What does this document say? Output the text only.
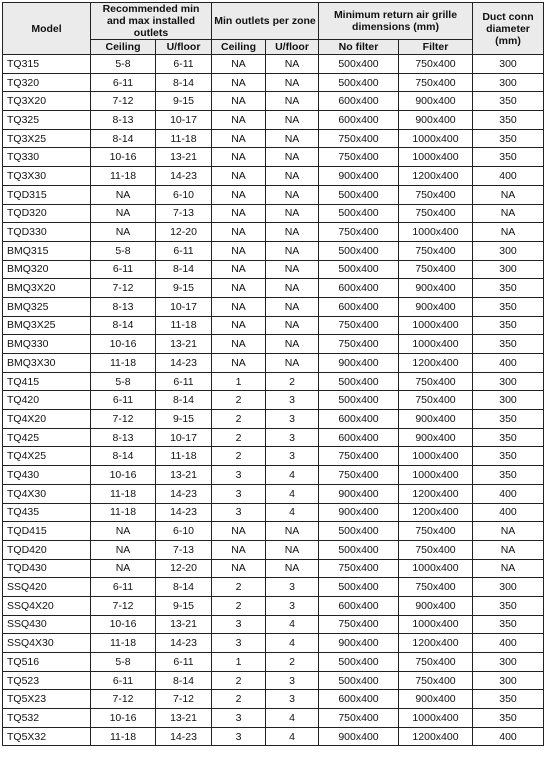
Model	Recommended min and max installed outlets		Min outlets per zone		Minimum return air grille dimensions (mm)		Duct conn diameter (mm)
	Ceiling	U/floor	Ceiling	U/floor	No filter	Filter	
TQ315	5-8	6-11	NA	NA	500x400	750x400	300
TQ320	6-11	8-14	NA	NA	500x400	750x400	300
TQ3X20	7-12	9-15	NA	NA	600x400	900x400	350
TQ325	8-13	10-17	NA	NA	600x400	900x400	350
TQ3X25	8-14	11-18	NA	NA	750x400	1000x400	350
TQ330	10-16	13-21	NA	NA	750x400	1000x400	350
TQ3X30	11-18	14-23	NA	NA	900x400	1200x400	400
TQD315	NA	6-10	NA	NA	500x400	750x400	NA
TQD320	NA	7-13	NA	NA	500x400	750x400	NA
TQD330	NA	12-20	NA	NA	750x400	1000x400	NA
BMQ315	5-8	6-11	NA	NA	500x400	750x400	300
BMQ320	6-11	8-14	NA	NA	500x400	750x400	300
BMQ3X20	7-12	9-15	NA	NA	600x400	900x400	350
BMQ325	8-13	10-17	NA	NA	600x400	900x400	350
BMQ3X25	8-14	11-18	NA	NA	750x400	1000x400	350
BMQ330	10-16	13-21	NA	NA	750x400	1000x400	350
BMQ3X30	11-18	14-23	NA	NA	900x400	1200x400	400
TQ415	5-8	6-11	1	2	500x400	750x400	300
TQ420	6-11	8-14	2	3	500x400	750x400	300
TQ4X20	7-12	9-15	2	3	600x400	900x400	350
TQ425	8-13	10-17	2	3	600x400	900x400	350
TQ4X25	8-14	11-18	2	3	750x400	1000x400	350
TQ430	10-16	13-21	3	4	750x400	1000x400	350
TQ4X30	11-18	14-23	3	4	900x400	1200x400	400
TQ435	11-18	14-23	3	4	900x400	1200x400	400
TQD415	NA	6-10	NA	NA	500x400	750x400	NA
TQD420	NA	7-13	NA	NA	500x400	750x400	NA
TQD430	NA	12-20	NA	NA	750x400	1000x400	NA
SSQ420	6-11	8-14	2	3	500x400	750x400	300
SSQ4X20	7-12	9-15	2	3	600x400	900x400	350
SSQ430	10-16	13-21	3	4	750x400	1000x400	350
SSQ4X30	11-18	14-23	3	4	900x400	1200x400	400
TQ516	5-8	6-11	1	2	500x400	750x400	300
TQ523	6-11	8-14	2	3	500x400	750x400	300
TQ5X23	7-12	7-12	2	3	600x400	900x400	350
TQ532	10-16	13-21	3	4	750x400	1000x400	350
TQ5X32	11-18	14-23	3	4	900x400	1200x400	400
